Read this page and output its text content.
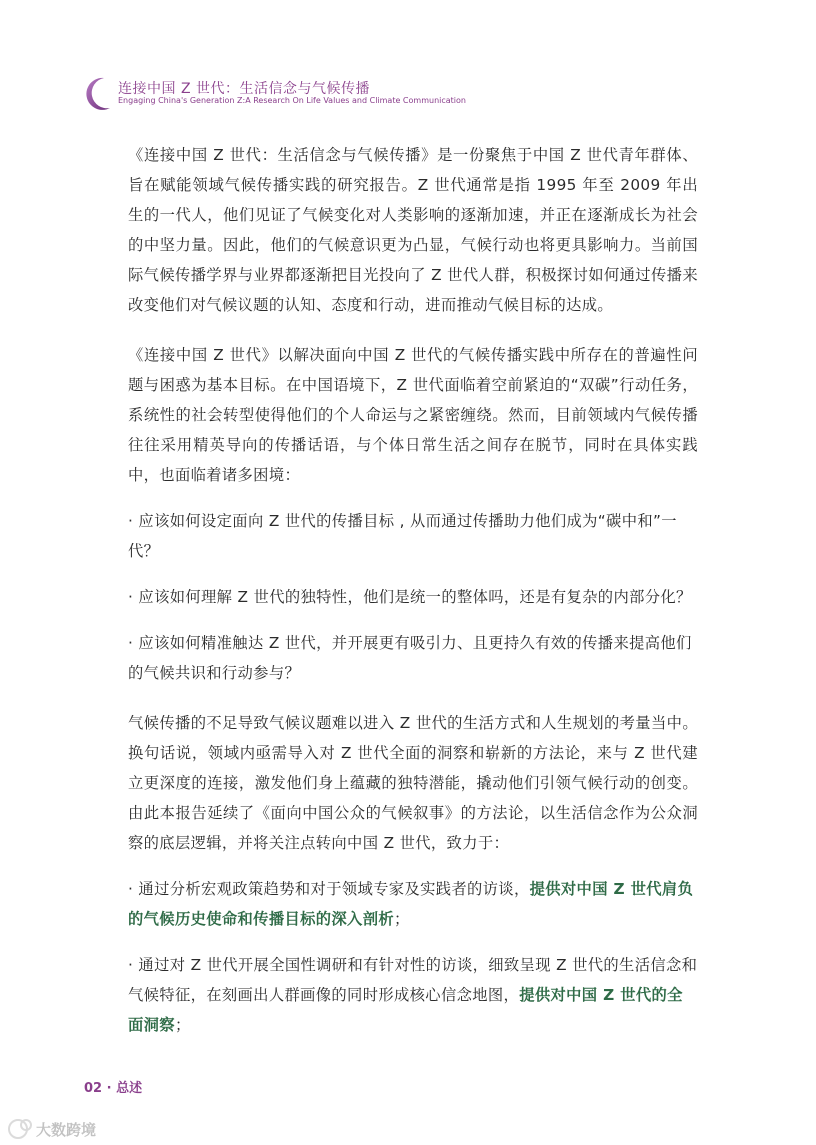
连接中国 Z 世代：生活信念与气候传播
Engaging China's Generation Z:A Research On Life Values and Climate Communication

《连接中国 Z 世代：生活信念与气候传播》是一份聚焦于中国 Z 世代青年群体、旨在赋能领域气候传播实践的研究报告。Z 世代通常是指 1995 年至 2009 年出生的一代人，他们见证了气候变化对人类影响的逐渐加速，并正在逐渐成长为社会的中坚力量。因此，他们的气候意识更为凸显，气候行动也将更具影响力。当前国际气候传播学界与业界都逐渐把目光投向了 Z 世代人群，积极探讨如何通过传播来改变他们对气候议题的认知、态度和行动，进而推动气候目标的达成。

《连接中国 Z 世代》以解决面向中国 Z 世代的气候传播实践中所存在的普遍性问题与困惑为基本目标。在中国语境下，Z 世代面临着空前紧迫的“双碳”行动任务，系统性的社会转型使得他们的个人命运与之紧密缠绕。然而，目前领域内气候传播往往采用精英导向的传播话语，与个体日常生活之间存在脱节，同时在具体实践中，也面临着诸多困境：

· 应该如何设定面向 Z 世代的传播目标 , 从而通过传播助力他们成为“碳中和”一代？

· 应该如何理解 Z 世代的独特性，他们是统一的整体吗，还是有复杂的内部分化？

· 应该如何精准触达 Z 世代，并开展更有吸引力、且更持久有效的传播来提高他们的气候共识和行动参与？

气候传播的不足导致气候议题难以进入 Z 世代的生活方式和人生规划的考量当中。换句话说，领域内亟需导入对 Z 世代全面的洞察和崭新的方法论，来与 Z 世代建立更深度的连接，激发他们身上蕴藏的独特潜能，撬动他们引领气候行动的创变。由此本报告延续了《面向中国公众的气候叙事》的方法论，以生活信念作为公众洞察的底层逻辑，并将关注点转向中国 Z 世代，致力于：

· 通过分析宏观政策趋势和对于领域专家及实践者的访谈，提供对中国 Z 世代肩负的气候历史使命和传播目标的深入剖析；

· 通过对 Z 世代开展全国性调研和有针对性的访谈，细致呈现 Z 世代的生活信念和气候特征，在刻画出人群画像的同时形成核心信念地图，提供对中国 Z 世代的全面洞察；

02 · 总述
大数跨境
